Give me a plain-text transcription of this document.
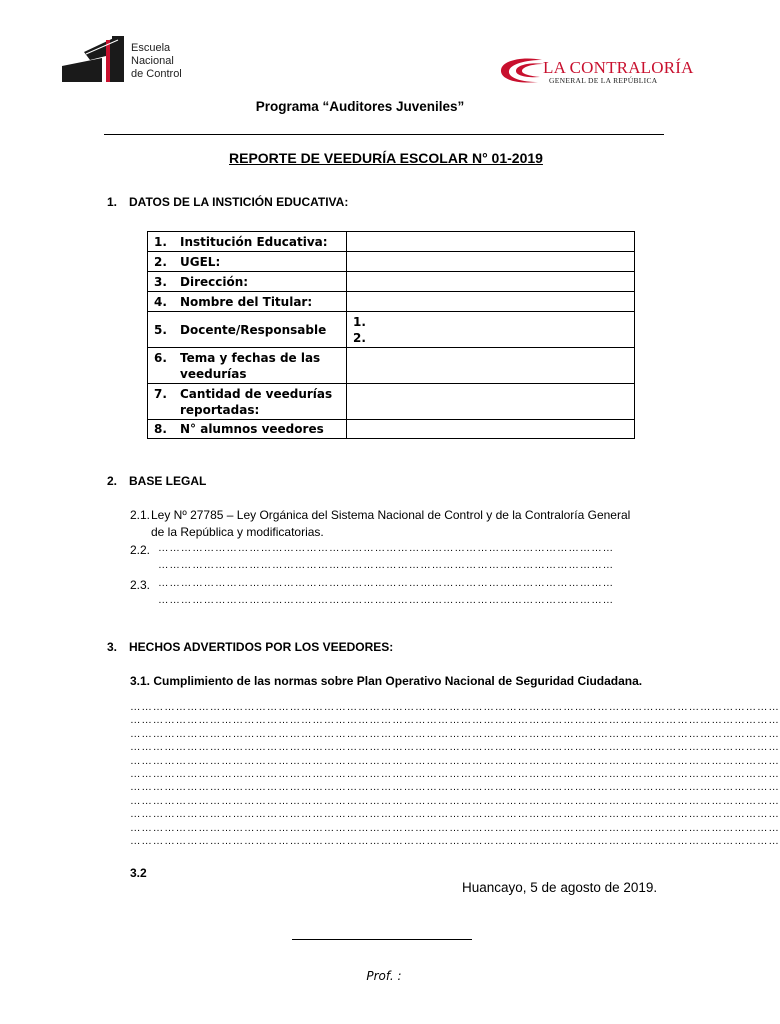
Escuela
Nacional
de Control	LA CONTRALORÍA
GENERAL DE LA REPÚBLICA
Programa “Auditores Juveniles”
REPORTE DE VEEDURÍA ESCOLAR N° 01-2019
1. DATOS DE LA INSTICIÓN EDUCATIVA:
1. Institución Educativa:	
2. UGEL:	
3. Dirección:	
4. Nombre del Titular:	
5. Docente/Responsable	1.
2.

6. Tema y fechas de las
veedurías	

7. Cantidad de veedurías
reportadas:	

8. N° alumnos veedores	
2. BASE LEGAL
2.1. Ley Nº 27785 – Ley Orgánica del Sistema Nacional de Control y de la Contraloría General
de la República y modificatorias.
2.2. …………………………………………………………………………………………………………
…………………………………………………………………………………………………………
2.3. …………………………………………………………………………………………………………
…………………………………………………………………………………………………………
3. HECHOS ADVERTIDOS POR LOS VEEDORES:
3.1. Cumplimiento de las normas sobre Plan Operativo Nacional de Seguridad Ciudadana.
………………………………………………………………………………………………………………………………………………………
………………………………………………………………………………………………………………………………………………………
………………………………………………………………………………………………………………………………………………………
………………………………………………………………………………………………………………………………………………………
………………………………………………………………………………………………………………………………………………………
………………………………………………………………………………………………………………………………………………………
………………………………………………………………………………………………………………………………………………………
………………………………………………………………………………………………………………………………………………………
………………………………………………………………………………………………………………………………………………………
………………………………………………………………………………………………………………………………………………………
………………………………………………………………………………………………………………………………………………………
3.2
Huancayo, 5 de agosto de 2019.
Prof. :
